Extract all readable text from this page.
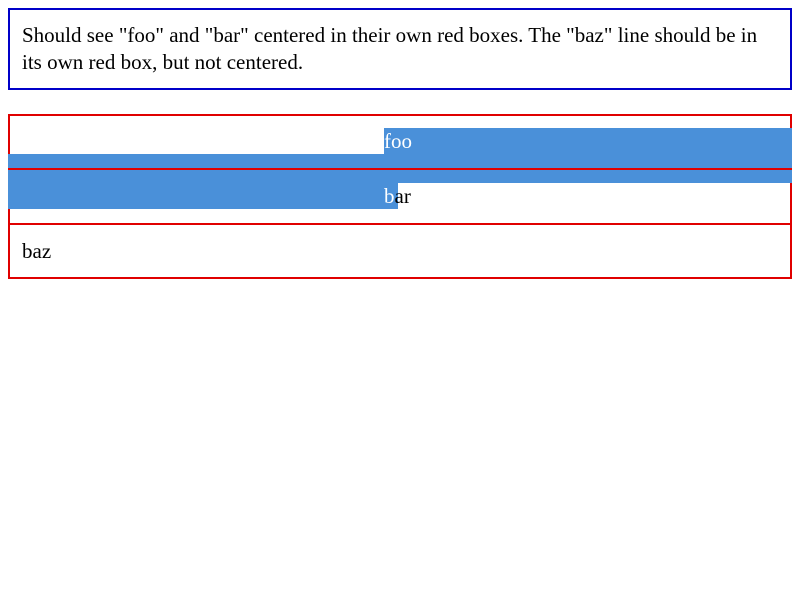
Should see "foo" and "bar" centered in their own red boxes. The "baz" line should be in its own red box, but not centered.
foo
bar
baz
